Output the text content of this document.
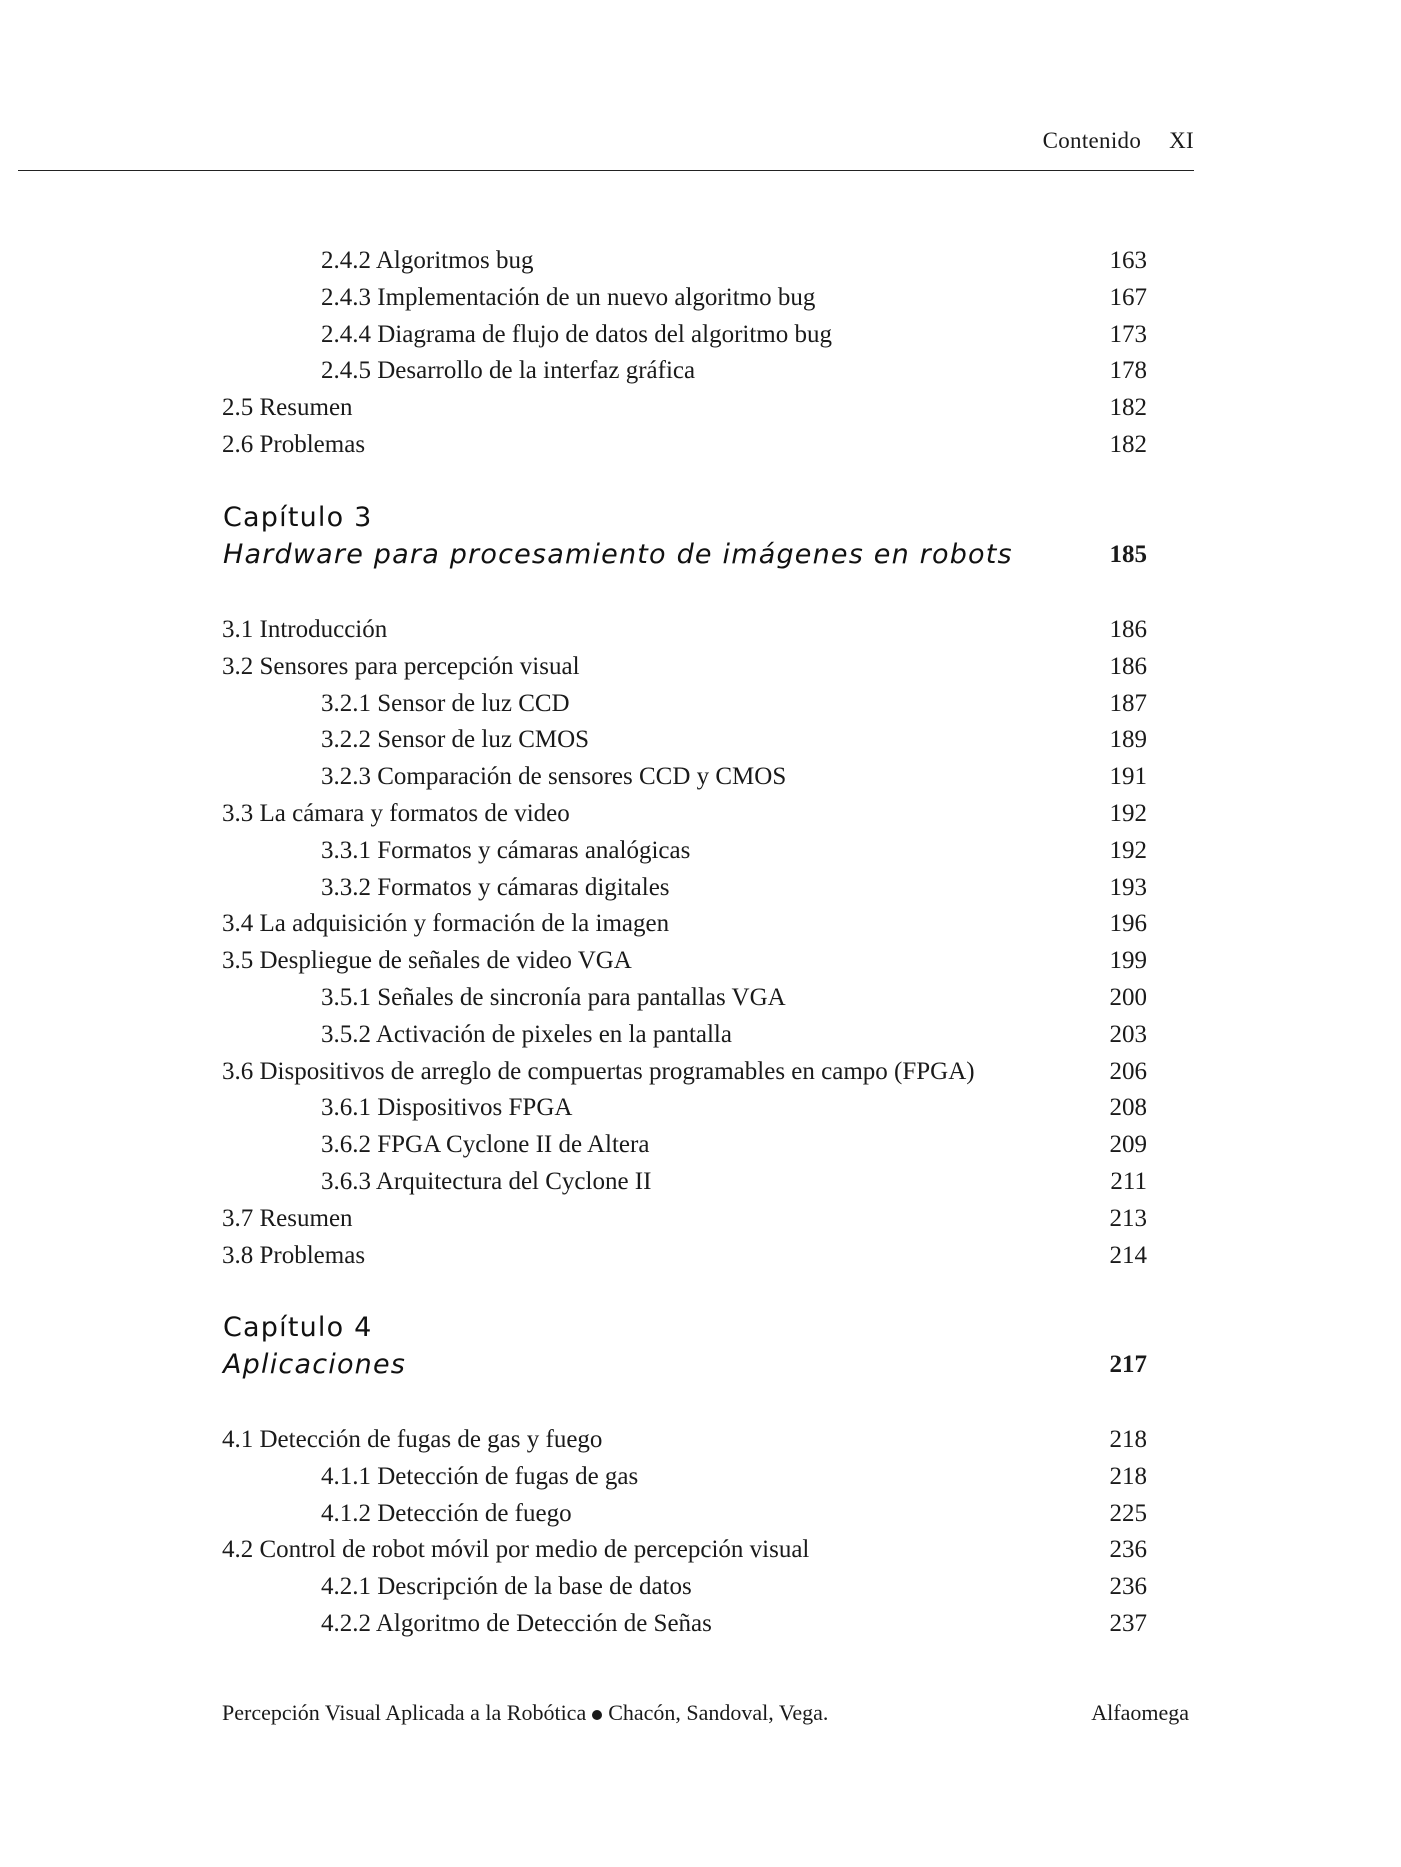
Contenido XI
2.4.2 Algoritmos bug	163
2.4.3 Implementación de un nuevo algoritmo bug	167
2.4.4 Diagrama de flujo de datos del algoritmo bug	173
2.4.5 Desarrollo de la interfaz gráfica	178
2.5 Resumen	182
2.6 Problemas	182
Capítulo 3
Hardware para procesamiento de imágenes en robots	185
3.1 Introducción	186
3.2 Sensores para percepción visual	186
3.2.1 Sensor de luz CCD	187
3.2.2 Sensor de luz CMOS	189
3.2.3 Comparación de sensores CCD y CMOS	191
3.3 La cámara y formatos de video	192
3.3.1 Formatos y cámaras analógicas	192
3.3.2 Formatos y cámaras digitales	193
3.4 La adquisición y formación de la imagen	196
3.5 Despliegue de señales de video VGA	199
3.5.1 Señales de sincronía para pantallas VGA	200
3.5.2 Activación de pixeles en la pantalla	203
3.6 Dispositivos de arreglo de compuertas programables en campo (FPGA)	206
3.6.1 Dispositivos FPGA	208
3.6.2 FPGA Cyclone II de Altera	209
3.6.3 Arquitectura del Cyclone II	211
3.7 Resumen	213
3.8 Problemas	214
Capítulo 4
Aplicaciones	217
4.1 Detección de fugas de gas y fuego	218
4.1.1 Detección de fugas de gas	218
4.1.2 Detección de fuego	225
4.2 Control de robot móvil por medio de percepción visual	236
4.2.1 Descripción de la base de datos	236
4.2.2 Algoritmo de Detección de Señas	237
Percepción Visual Aplicada a la Robótica Chacón, Sandoval, Vega.	Alfaomega
